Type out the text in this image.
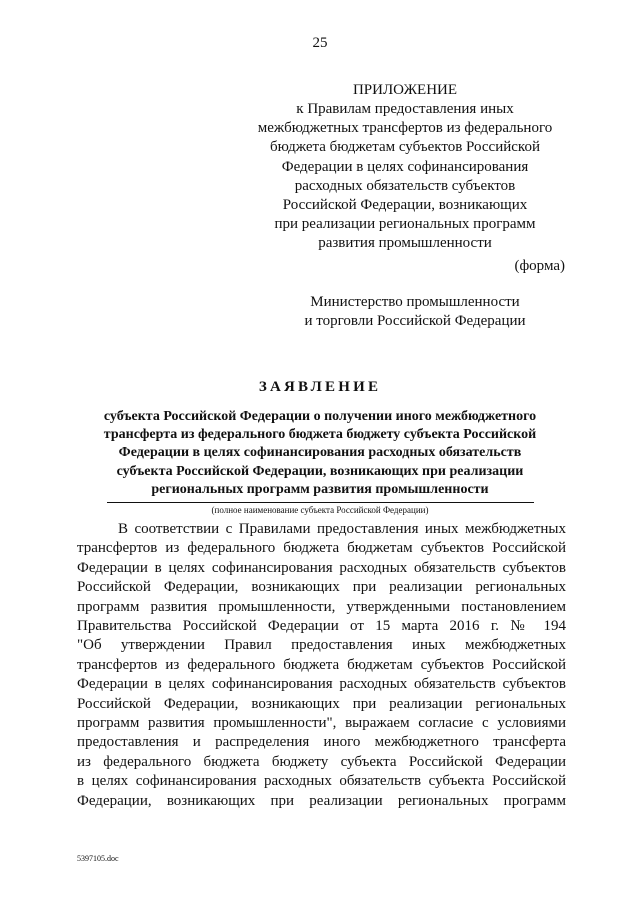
25
ПРИЛОЖЕНИЕ
к Правилам предоставления иных
межбюджетных трансфертов из федерального
бюджета бюджетам субъектов Российской
Федерации в целях софинансирования
расходных обязательств субъектов
Российской Федерации, возникающих
при реализации региональных программ
развития промышленности
(форма)
Министерство промышленности
и торговли Российской Федерации
ЗАЯВЛЕНИЕ
субъекта Российской Федерации о получении иного межбюджетного
трансферта из федерального бюджета бюджету субъекта Российской
Федерации в целях софинансирования расходных обязательств
субъекта Российской Федерации, возникающих при реализации
региональных программ развития промышленности
(полное наименование субъекта Российской Федерации)
В соответствии с Правилами предоставления иных межбюджетных
трансфертов из федерального бюджета бюджетам субъектов Российской
Федерации в целях софинансирования расходных обязательств субъектов
Российской Федерации, возникающих при реализации региональных
программ развития промышленности, утвержденными постановлением
Правительства Российской Федерации от 15 марта 2016 г. № 194
"Об утверждении Правил предоставления иных межбюджетных
трансфертов из федерального бюджета бюджетам субъектов Российской
Федерации в целях софинансирования расходных обязательств субъектов
Российской Федерации, возникающих при реализации региональных
программ развития промышленности", выражаем согласие с условиями
предоставления и распределения иного межбюджетного трансферта
из федерального бюджета бюджету субъекта Российской Федерации
в целях софинансирования расходных обязательств субъекта Российской
Федерации, возникающих при реализации региональных программ
5397105.doc
